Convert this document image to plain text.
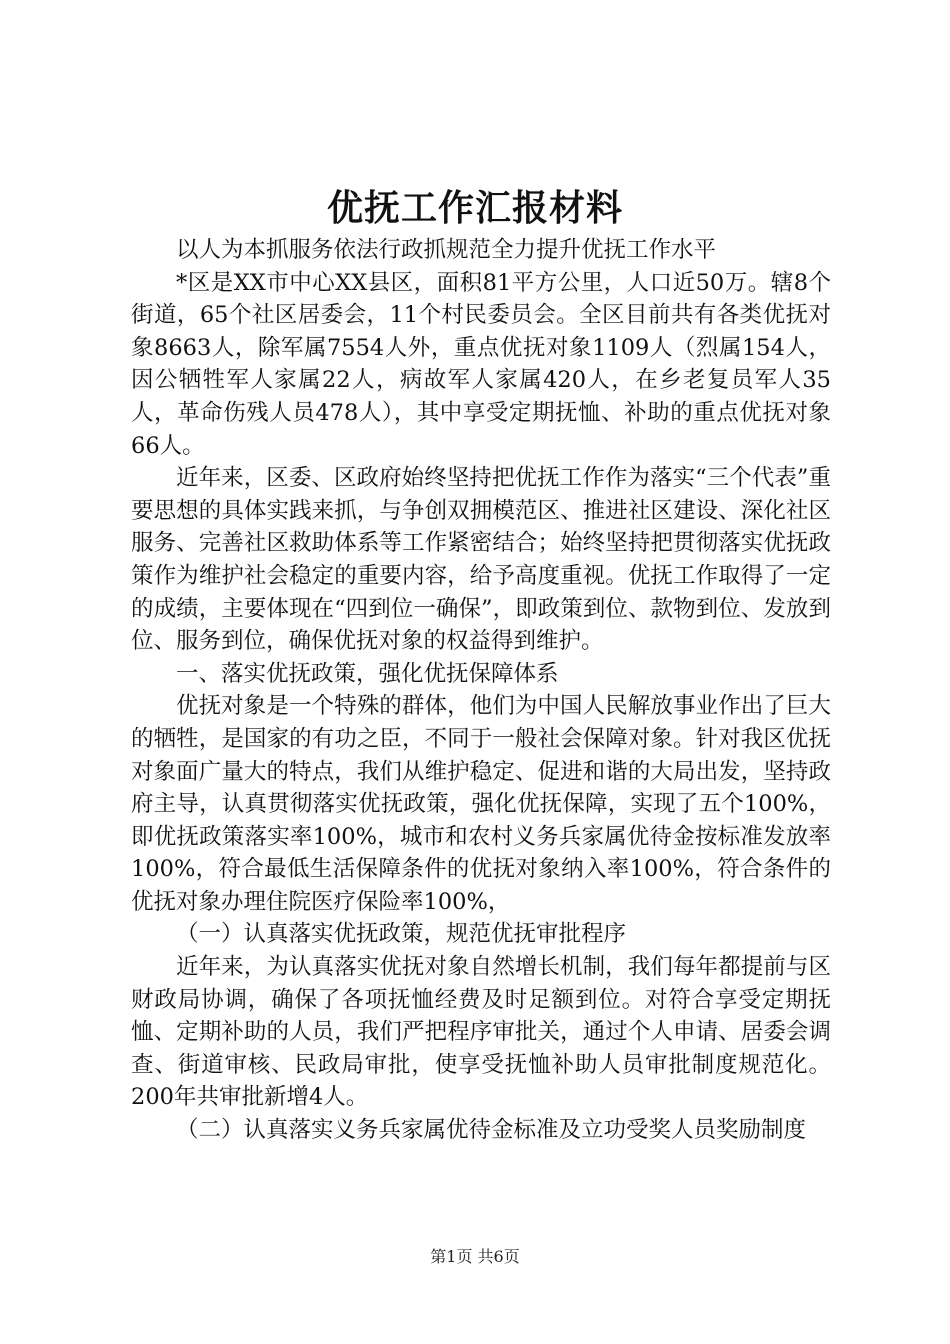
优抚工作汇报材料

以人为本抓服务依法行政抓规范全力提升优抚工作水平

*区是XX市中心XX县区，面积81平方公里，人口近50万。辖8个街道，65个社区居委会，11个村民委员会。全区目前共有各类优抚对象8663人，除军属7554人外，重点优抚对象1109人（烈属154人，因公牺牲军人家属22人，病故军人家属420人，在乡老复员军人35人，革命伤残人员478人），其中享受定期抚恤、补助的重点优抚对象66人。

近年来，区委、区政府始终坚持把优抚工作作为落实“三个代表”重要思想的具体实践来抓，与争创双拥模范区、推进社区建设、深化社区服务、完善社区救助体系等工作紧密结合；始终坚持把贯彻落实优抚政策作为维护社会稳定的重要内容，给予高度重视。优抚工作取得了一定的成绩，主要体现在“四到位一确保”，即政策到位、款物到位、发放到位、服务到位，确保优抚对象的权益得到维护。

一、落实优抚政策，强化优抚保障体系

优抚对象是一个特殊的群体，他们为中国人民解放事业作出了巨大的牺牲，是国家的有功之臣，不同于一般社会保障对象。针对我区优抚对象面广量大的特点，我们从维护稳定、促进和谐的大局出发，坚持政府主导，认真贯彻落实优抚政策，强化优抚保障，实现了五个100%，即优抚政策落实率100%，城市和农村义务兵家属优待金按标准发放率100%，符合最低生活保障条件的优抚对象纳入率100%，符合条件的优抚对象办理住院医疗保险率100%，

（一）认真落实优抚政策，规范优抚审批程序

近年来，为认真落实优抚对象自然增长机制，我们每年都提前与区财政局协调，确保了各项抚恤经费及时足额到位。对符合享受定期抚恤、定期补助的人员，我们严把程序审批关，通过个人申请、居委会调查、街道审核、民政局审批，使享受抚恤补助人员审批制度规范化。200年共审批新增4人。

（二）认真落实义务兵家属优待金标准及立功受奖人员奖励制度

第1页 共6页
